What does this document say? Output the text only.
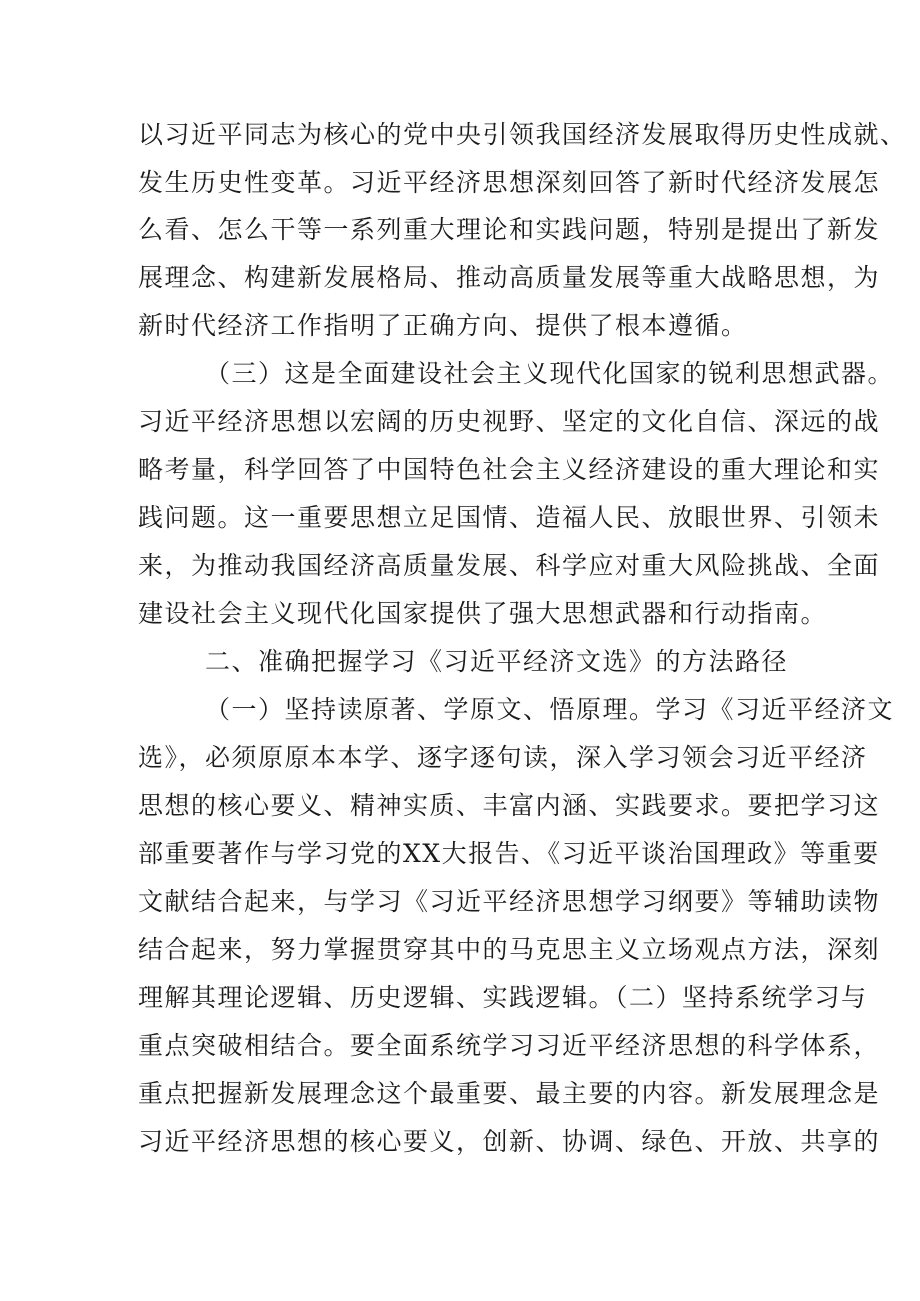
以习近平同志为核心的党中央引领我国经济发展取得历史性成就、
发生历史性变革。习近平经济思想深刻回答了新时代经济发展怎
么看、怎么干等一系列重大理论和实践问题，特别是提出了新发
展理念、构建新发展格局、推动高质量发展等重大战略思想，为
新时代经济工作指明了正确方向、提供了根本遵循。
（三）这是全面建设社会主义现代化国家的锐利思想武器。
习近平经济思想以宏阔的历史视野、坚定的文化自信、深远的战
略考量，科学回答了中国特色社会主义经济建设的重大理论和实
践问题。这一重要思想立足国情、造福人民、放眼世界、引领未
来，为推动我国经济高质量发展、科学应对重大风险挑战、全面
建设社会主义现代化国家提供了强大思想武器和行动指南。
二、准确把握学习《习近平经济文选》的方法路径
（一）坚持读原著、学原文、悟原理。学习《习近平经济文
选》，必须原原本本学、逐字逐句读，深入学习领会习近平经济
思想的核心要义、精神实质、丰富内涵、实践要求。要把学习这
部重要著作与学习党的XX大报告、《习近平谈治国理政》等重要
文献结合起来，与学习《习近平经济思想学习纲要》等辅助读物
结合起来，努力掌握贯穿其中的马克思主义立场观点方法，深刻
理解其理论逻辑、历史逻辑、实践逻辑。（二）坚持系统学习与
重点突破相结合。要全面系统学习习近平经济思想的科学体系，
重点把握新发展理念这个最重要、最主要的内容。新发展理念是
习近平经济思想的核心要义，创新、协调、绿色、开放、共享的
